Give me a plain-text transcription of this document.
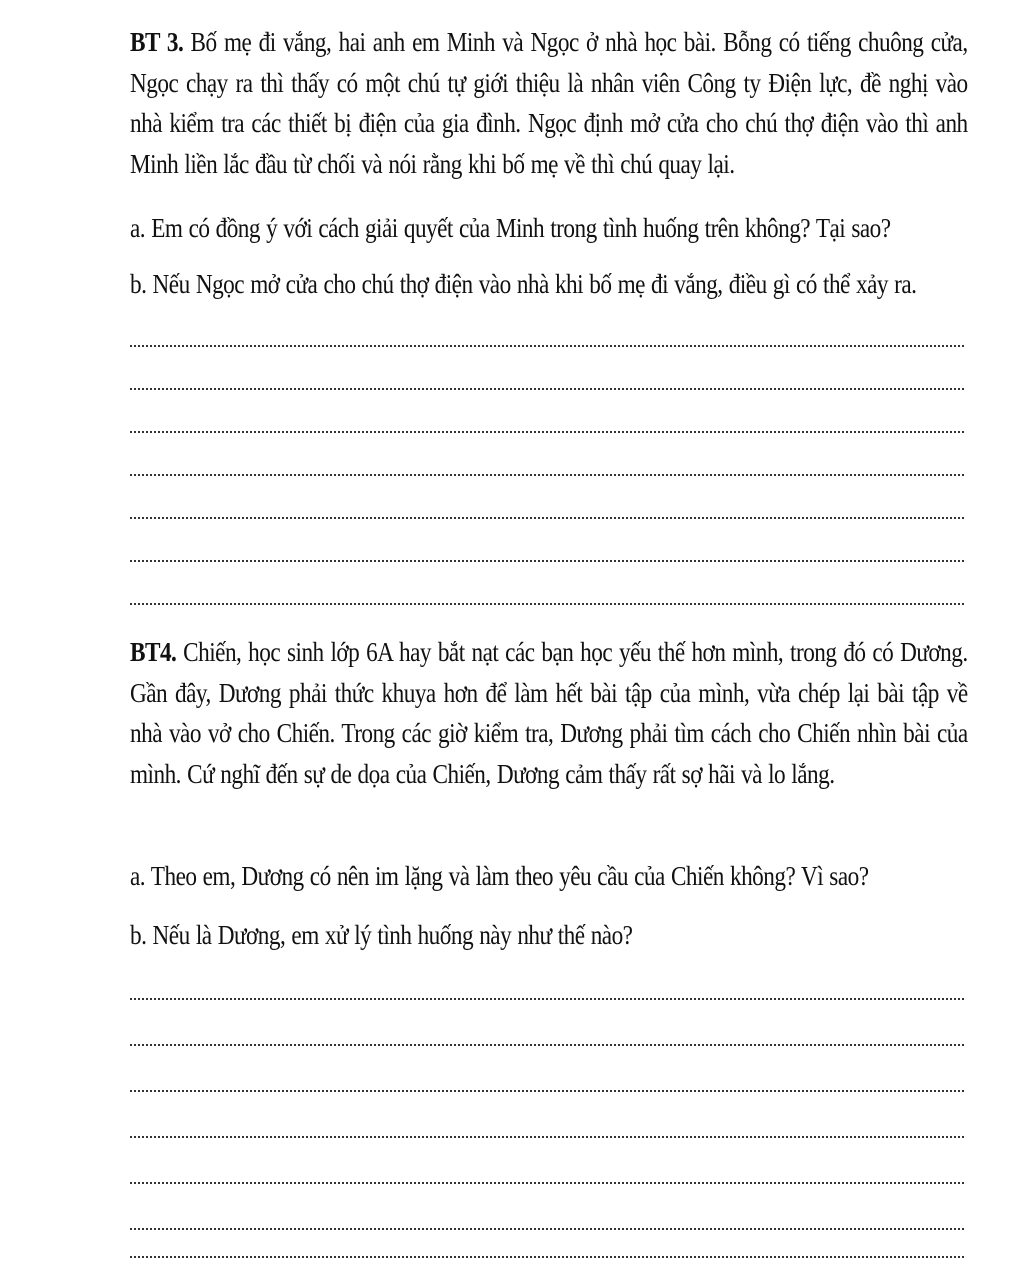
BT 3. Bố mẹ đi vắng, hai anh em Minh và Ngọc ở nhà học bài. Bỗng có tiếng chuông cửa, Ngọc chạy ra thì thấy có một chú tự giới thiệu là nhân viên Công ty Điện lực, đề nghị vào nhà kiểm tra các thiết bị điện của gia đình. Ngọc định mở cửa cho chú thợ điện vào thì anh Minh liền lắc đầu từ chối và nói rằng khi bố mẹ về thì chú quay lại.

a. Em có đồng ý với cách giải quyết của Minh trong tình huống trên không? Tại sao?

b. Nếu Ngọc mở cửa cho chú thợ điện vào nhà khi bố mẹ đi vắng, điều gì có thể xảy ra.

BT4. Chiến, học sinh lớp 6A hay bắt nạt các bạn học yếu thế hơn mình, trong đó có Dương. Gần đây, Dương phải thức khuya hơn để làm hết bài tập của mình, vừa chép lại bài tập về nhà vào vở cho Chiến. Trong các giờ kiểm tra, Dương phải tìm cách cho Chiến nhìn bài của mình. Cứ nghĩ đến sự de dọa của Chiến, Dương cảm thấy rất sợ hãi và lo lắng.

a. Theo em, Dương có nên im lặng và làm theo yêu cầu của Chiến không? Vì sao?

b. Nếu là Dương, em xử lý tình huống này như thế nào?
